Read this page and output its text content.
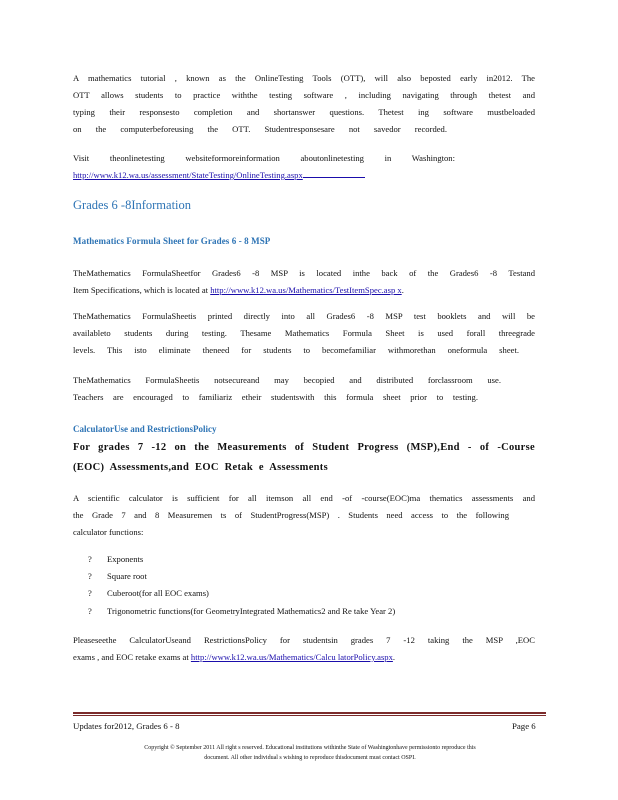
A mathematics tutorial , known as the OnlineTesting Tools (OTT), will also beposted early in2012. The
OTT allows students to practice withthe testing software , including navigating through thetest and
typing their responsesto completion and shortanswer questions. Thetest ing software mustbeloaded
on the computerbeforeusing the OTT. Studentresponsesare not savedor recorded.
Visit theonlinetesting websiteformoreinformation aboutonlinetesting in Washington:
http://www.k12.wa.us/assessment/StateTesting/OnlineTesting.aspx
Grades 6 -8Information
Mathematics Formula Sheet for Grades 6 - 8 MSP
TheMathematics FormulaSheetfor Grades6 -8 MSP is located inthe back of the Grades6 -8 Testand
Item Specifications, which is located at http://www.k12.wa.us/Mathematics/TestItemSpec.asp x.
TheMathematics FormulaSheetis printed directly into all Grades6 -8 MSP test booklets and will be
availableto students during testing. Thesame Mathematics Formula Sheet is used forall threegrade
levels. This isto eliminate theneed for students to becomefamiliar withmorethan oneformula sheet.
TheMathematics FormulaSheetis notsecureand may becopied and distributed forclassroom use.
Teachers are encouraged to familiariz etheir studentswith this formula sheet prior to testing.
CalculatorUse and RestrictionsPolicy
For grades 7 -12 on the Measurements of Student Progress (MSP),End - of -Course
(EOC) Assessments,and EOC Retak e Assessments
A scientific calculator is sufficient for all itemson all end -of -course(EOC)ma thematics assessments and
the Grade 7 and 8 Measuremen ts of StudentProgress(MSP) . Students need access to the following
calculator functions:
?	Exponents
?	Square root
?	Cuberoot(for all EOC exams)
?	Trigonometric functions(for GeometryIntegrated Mathematics2 and Re take Year 2)
Pleaseseethe CalculatorUseand RestrictionsPolicy for studentsin grades 7 -12 taking the MSP ,EOC
exams , and EOC retake exams at http://www.k12.wa.us/Mathematics/Calcu latorPolicy.aspx.
Updates for2012, Grades 6 - 8	Page 6
Copyright © September 2011 All right s reserved. Educational institutions withinthe State of Washingtonhave permissionto reproduce this
document. All other individual s wishing to reproduce thisdocument must contact OSPI.
